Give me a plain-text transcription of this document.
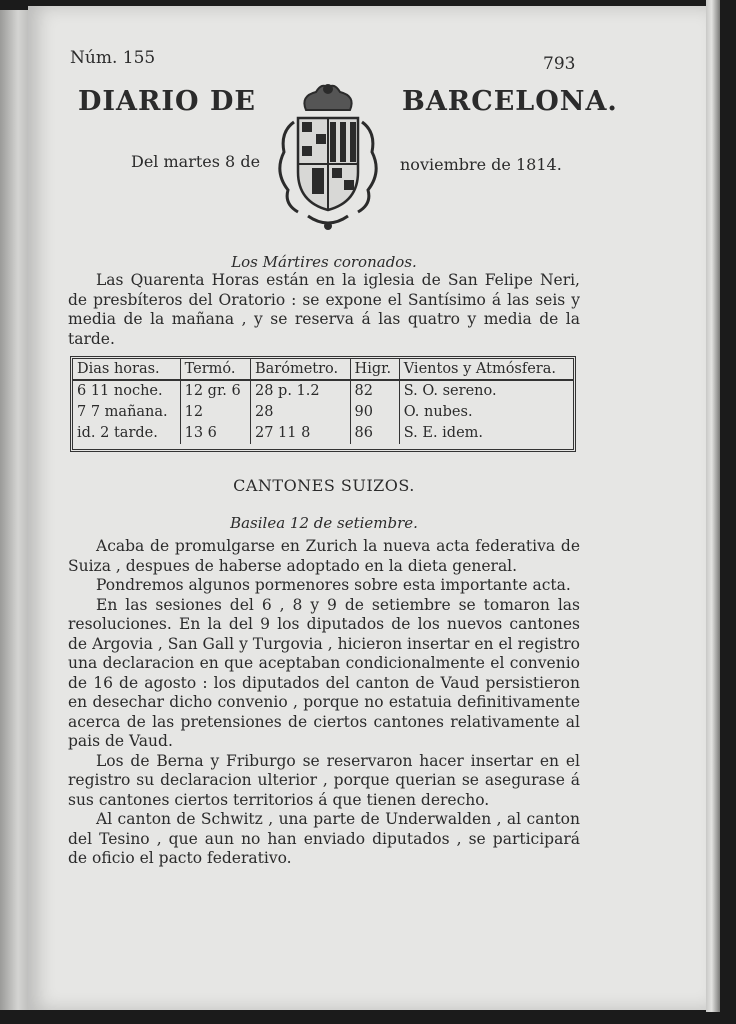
Núm. 155	793
DIARIO DE	BARCELONA.
Del martes 8 de	noviembre de 1814.
Los Mártires coronados.

Las Quarenta Horas están en la iglesia de San Felipe Neri, de presbíteros del Oratorio : se expone el Santísimo á las seis y media de la mañana , y se reserva á las quatro y media de la tarde.

Dias horas.	Termó.	Barómetro.	Higr.	Vientos y Atmósfera.
6 11 noche.	12 gr. 6	28 p. 1.2	82	S. O. sereno.
7 7 mañana.	12	28	90	O. nubes.
id. 2 tarde.	13 6	27 11 8	86	S. E. idem.
CANTONES SUIZOS.
Basilea 12 de setiembre.

Acaba de promulgarse en Zurich la nueva acta federativa de Suiza , despues de haberse adoptado en la dieta general.

Pondremos algunos pormenores sobre esta importante acta.

En las sesiones del 6 , 8 y 9 de setiembre se tomaron las resoluciones. En la del 9 los diputados de los nuevos cantones de Argovia , San Gall y Turgovia , hicieron insertar en el registro una declaracion en que aceptaban condicionalmente el convenio de 16 de agosto : los diputados del canton de Vaud persistieron en desechar dicho convenio , porque no estatuia definitivamente acerca de las pretensiones de ciertos cantones relativamente al pais de Vaud.

Los de Berna y Friburgo se reservaron hacer insertar en el registro su declaracion ulterior , porque querian se asegurase á sus cantones ciertos territorios á que tienen derecho.

Al canton de Schwitz , una parte de Underwalden , al canton del Tesino , que aun no han enviado diputados , se participará de oficio el pacto federativo.
